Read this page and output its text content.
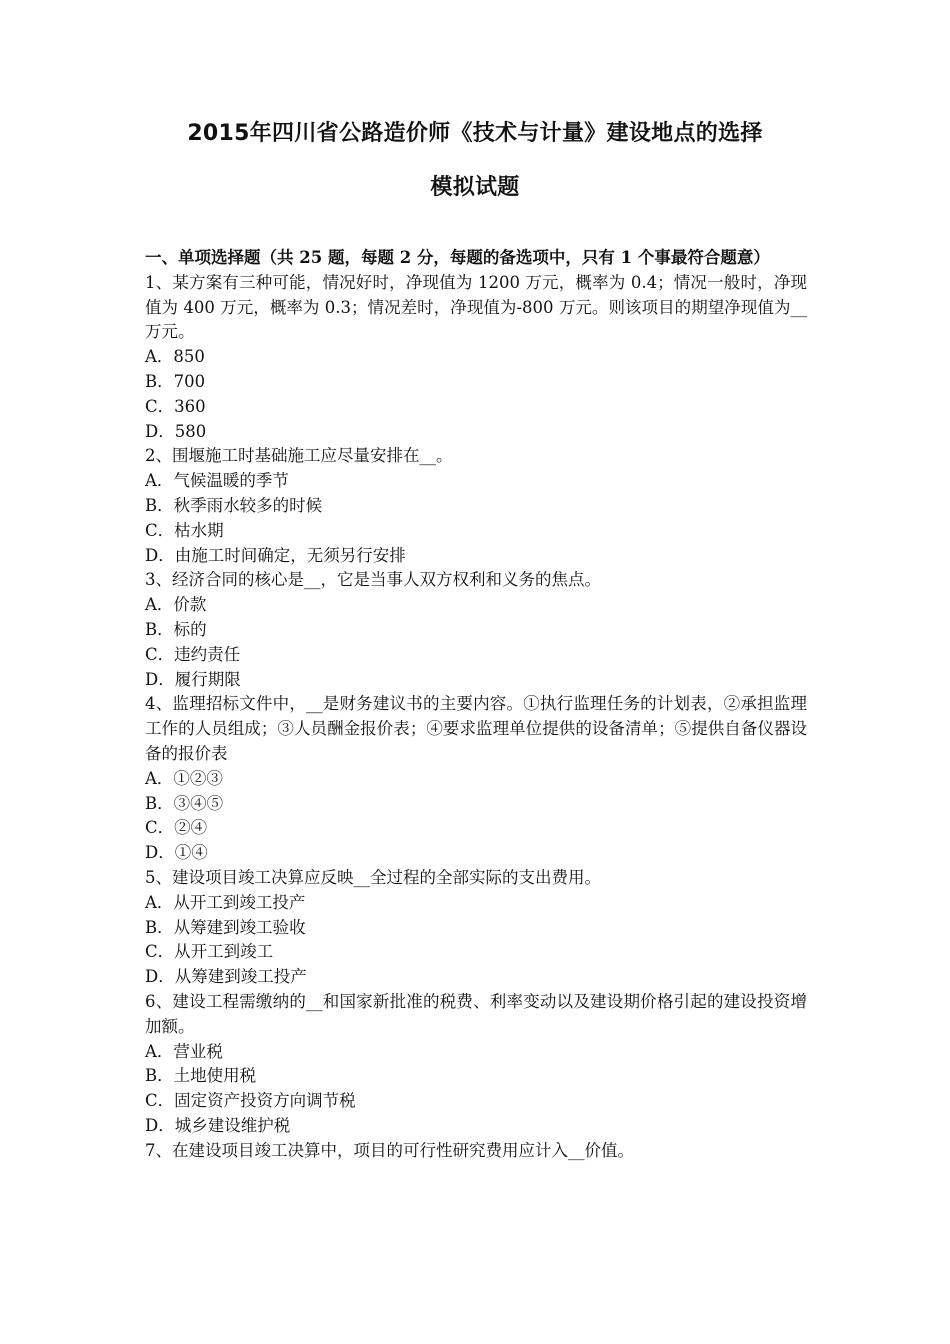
2015年四川省公路造价师《技术与计量》建设地点的选择
模拟试题

一、单项选择题（共 25 题，每题 2 分，每题的备选项中，只有 1 个事最符合题意）

1、某方案有三种可能，情况好时，净现值为 1200 万元，概率为 0.4；情况一般时，净现值为 400 万元，概率为 0.3；情况差时，净现值为-800 万元。则该项目的期望净现值为__万元。

A．850

B．700

C．360

D．580

2、围堰施工时基础施工应尽量安排在__。

A．气候温暖的季节

B．秋季雨水较多的时候

C．枯水期

D．由施工时间确定，无须另行安排

3、经济合同的核心是__，它是当事人双方权利和义务的焦点。

A．价款

B．标的

C．违约责任

D．履行期限

4、监理招标文件中，__是财务建议书的主要内容。①执行监理任务的计划表，②承担监理工作的人员组成；③人员酬金报价表；④要求监理单位提供的设备清单；⑤提供自备仪器设备的报价表

A．①②③

B．③④⑤

C．②④

D．①④

5、建设项目竣工决算应反映__全过程的全部实际的支出费用。

A．从开工到竣工投产

B．从筹建到竣工验收

C．从开工到竣工

D．从筹建到竣工投产

6、建设工程需缴纳的__和国家新批准的税费、利率变动以及建设期价格引起的建设投资增加额。

A．营业税

B．土地使用税

C．固定资产投资方向调节税

D．城乡建设维护税

7、在建设项目竣工决算中，项目的可行性研究费用应计入__价值。
